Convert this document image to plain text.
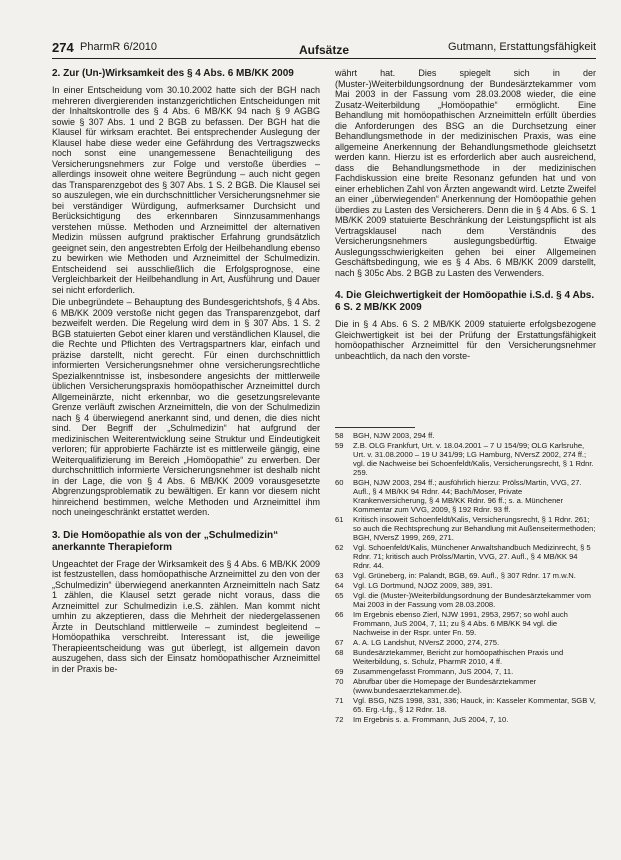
274 PharmR 6/2010	Aufsätze	Gutmann, Erstattungsfähigkeit
2. Zur (Un-)Wirksamkeit des § 4 Abs. 6 MB/KK 2009

In einer Entscheidung vom 30.10.2002 hatte sich der BGH nach mehreren divergierenden instanzgerichtlichen Entscheidungen mit der Inhaltskontrolle des § 4 Abs. 6 MB/KK 94 nach § 9 AGBG sowie § 307 Abs. 1 und 2 BGB zu befassen. Der BGH hat die Klausel für wirksam erachtet. Bei entsprechender Auslegung der Klausel habe diese weder eine Gefährdung des Vertragszwecks noch sonst eine unangemessene Benachteiligung des Versicherungsnehmers zur Folge und verstoße überdies – allerdings insoweit ohne weitere Begründung – auch nicht gegen das Transparenzgebot des § 307 Abs. 1 S. 2 BGB. Die Klausel sei so auszulegen, wie ein durchschnittlicher Versicherungsnehmer sie bei verständiger Würdigung, aufmerksamer Durchsicht und Berücksichtigung des erkennbaren Sinnzusammenhangs verstehen müsse. Methoden und Arzneimittel der alternativen Medizin müssen aufgrund praktischer Erfahrung grundsätzlich geeignet sein, den angestrebten Erfolg der Heilbehandlung ebenso zu bewirken wie Methoden und Arzneimittel der Schulmedizin. Entscheidend sei ausschließlich die Erfolgsprognose, eine Vergleichbarkeit der Heilbehandlung in Art, Ausführung und Dauer sei nicht erforderlich.

Die unbegründete – Behauptung des Bundesgerichtshofs, § 4 Abs. 6 MB/KK 2009 verstoße nicht gegen das Transparenzgebot, darf bezweifelt werden. Die Regelung wird dem in § 307 Abs. 1 S. 2 BGB statuierten Gebot einer klaren und verständlichen Klausel, die die Rechte und Pflichten des Vertragspartners klar, einfach und präzise darstellt, nicht gerecht. Für einen durchschnittlich informierten Versicherungsnehmer ohne versicherungsrechtliche Spezialkenntnisse ist, insbesondere angesichts der mittlerweile üblichen Versicherungspraxis homöopathischer Arzneimittel durch Allgemeinärzte, nicht erkennbar, wo die gesetzungsrelevante Grenze verläuft zwischen Arzneimitteln, die von der Schulmedizin nach § 4 überwiegend anerkannt sind, und denen, die dies nicht sind. Der Begriff der „Schulmedizin“ hat aufgrund der medizinischen Weiterentwicklung seine Struktur und Eindeutigkeit verloren; für approbierte Fachärzte ist es mittlerweile gängig, eine Weiterqualifizierung im Bereich „Homöopathie“ zu erwerben. Der durchschnittlich informierte Versicherungsnehmer ist deshalb nicht in der Lage, die von § 4 Abs. 6 MB/KK 2009 vorausgesetzte Abgrenzungsproblematik zu bewältigen. Er kann vor diesem nicht hinreichend bestimmen, welche Methoden und Arzneimittel ihm noch uneingeschränkt erstattet werden.

3. Die Homöopathie als von der „Schulmedizin“ anerkannte Therapieform

Ungeachtet der Frage der Wirksamkeit des § 4 Abs. 6 MB/KK 2009 ist festzustellen, dass homöopathische Arzneimittel zu den von der „Schulmedizin“ überwiegend anerkannten Arzneimitteln nach Satz 1 zählen, die Klausel setzt gerade nicht voraus, dass die Arzneimittel zur Schulmedizin i.e.S. zählen. Man kommt nicht umhin zu akzeptieren, dass die Mehrheit der niedergelassenen Ärzte in Deutschland mittlerweile – zumindest begleitend – Homöopathika verschreibt. Interessant ist, die jeweilige Therapieentscheidung was gut überlegt, ist allgemein davon auszugehen, dass sich der Einsatz homöopathischer Arzneimittel in der Praxis be-

währt hat. Dies spiegelt sich in der (Muster-)Weiterbildungsordnung der Bundesärztekammer vom Mai 2003 in der Fassung vom 28.03.2008 wieder, die eine Zusatz-Weiterbildung „Homöopathie“ ermöglicht. Eine Behandlung mit homöopathischen Arzneimitteln erfüllt überdies die Anforderungen des BSG an die Durchsetzung einer Behandlungsmethode in der medizinischen Praxis, was eine allgemeine Anerkennung der Behandlungsmethode gleichsetzt werden kann. Hierzu ist es erforderlich aber auch ausreichend, dass die Behandlungsmethode in der medizinischen Fachdiskussion eine breite Resonanz gefunden hat und von einer erheblichen Zahl von Ärzten angewandt wird. Letzte Zweifel an einer „überwiegenden“ Anerkennung der Homöopathie gehen überdies zu Lasten des Versicherers. Denn die in § 4 Abs. 6 S. 1 MB/KK 2009 statuierte Beschränkung der Leistungspflicht ist als Vertragsklausel nach dem Verständnis des Versicherungsnehmers auslegungsbedürftig. Etwaige Auslegungsschwierigkeiten gehen bei einer Allgemeinen Geschäftsbedingung, wie es § 4 Abs. 6 MB/KK 2009 darstellt, nach § 305c Abs. 2 BGB zu Lasten des Verwenders.

4. Die Gleichwertigkeit der Homöopathie i.S.d. § 4 Abs. 6 S. 2 MB/KK 2009

Die in § 4 Abs. 6 S. 2 MB/KK 2009 statuierte erfolgsbezogene Gleichwertigkeit ist bei der Prüfung der Erstattungsfähigkeit homöopathischer Arzneimittel für den Versicherungsnehmer unbeachtlich, da nach den vorste-

58	BGH, NJW 2003, 294 ff.
59	Z.B. OLG Frankfurt, Urt. v. 18.04.2001 – 7 U 154/99; OLG Karlsruhe, Urt. v. 31.08.2000 – 19 U 341/99; LG Hamburg, NVersZ 2002, 274 ff.; vgl. die Nachweise bei Schoenfeldt/Kalis, Versicherungsrecht, § 1 Rdnr. 259.
60	BGH, NJW 2003, 294 ff.; ausführlich hierzu: Prölss/Martin, VVG, 27. Aufl., § 4 MB/KK 94 Rdnr. 44; Bach/Moser, Private Krankenversicherung, § 4 MB/KK Rdnr. 96 ff.; s. a. Münchener Kommentar zum VVG, 2009, § 192 Rdnr. 93 ff.
61	Kritisch insoweit Schoenfeldt/Kalis, Versicherungsrecht, § 1 Rdnr. 261; so auch die Rechtsprechung zur Behandlung mit Außenseitermethoden; BGH, NVersZ 1999, 269, 271.
62	Vgl. Schoenfeldt/Kalis, Münchener Anwaltshandbuch Medizinrecht, § 5 Rdnr. 71; kritisch auch Prölss/Martin, VVG, 27. Aufl., § 4 MB/KK 94 Rdnr. 44.
63	Vgl. Grüneberg, in: Palandt, BGB, 69. Aufl., § 307 Rdnr. 17 m.w.N.
64	Vgl. LG Dortmund, NJOZ 2009, 389, 391.
65	Vgl. die (Muster-)Weiterbildungsordnung der Bundesärztekammer vom Mai 2003 in der Fassung vom 28.03.2008.
66	Im Ergebnis ebenso Zierl, NJW 1991, 2953, 2957; so wohl auch Frommann, JuS 2004, 7, 11; zu § 4 Abs. 6 MB/KK 94 vgl. die Nachweise in der Rspr. unter Fn. 59.
67	A. A. LG Landshut, NVersZ 2000, 274, 275.
68	Bundesärztekammer, Bericht zur homöopathischen Praxis und Weiterbildung, s. Schulz, PharmR 2010, 4 ff.
69	Zusammengefasst Frommann, JuS 2004, 7, 11.
70	Abrufbar über die Homepage der Bundesärztekammer (www.bundesaerztekammer.de).
71	Vgl. BSG, NZS 1998, 331, 336; Hauck, in: Kasseler Kommentar, SGB V, 65. Erg.-Lfg., § 12 Rdnr. 18.
72	Im Ergebnis s. a. Frommann, JuS 2004, 7, 10.
